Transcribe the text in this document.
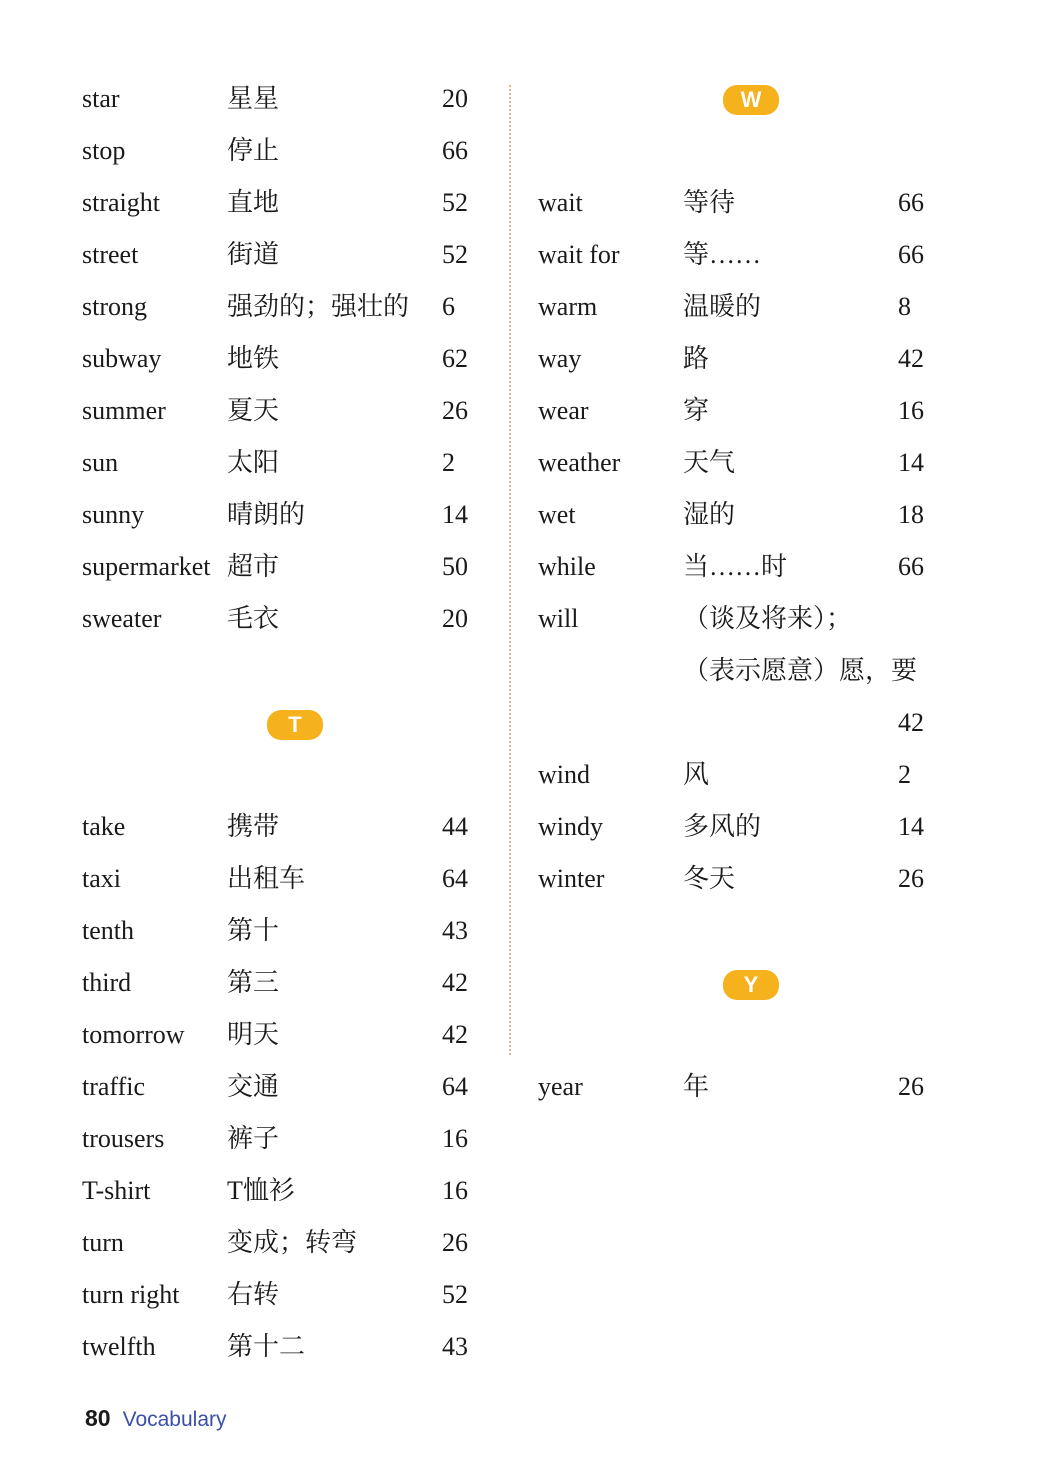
star	星星	20
stop	停止	66
straight	直地	52
street	街道	52
strong	强劲的；强壮的 6
subway	地铁	62
summer 夏天	26
sun	太阳	2
sunny	晴朗的	14
supermarket 超市	50
sweater	毛衣	20
T
take	携带	44
taxi	出租车	64
tenth	第十	43
third	第三	42
tomorrow 明天	42
traffic	交通	64
trousers 裤子	16
T-shirt	T恤衫	16
turn	变成；转弯	26
turn right 右转	52
twelfth	第十二	43
W
wait	等待	66
wait for 等……	66
warm	温暖的	8
way	路	42
wear	穿	16
weather 天气	14
wet	湿的	18
while	当……时	66
will	（谈及将来）；
（表示愿意）愿，要
42
wind	风	2
windy	多风的	14
winter	冬天	26
Y
year	年	26
80 Vocabulary
